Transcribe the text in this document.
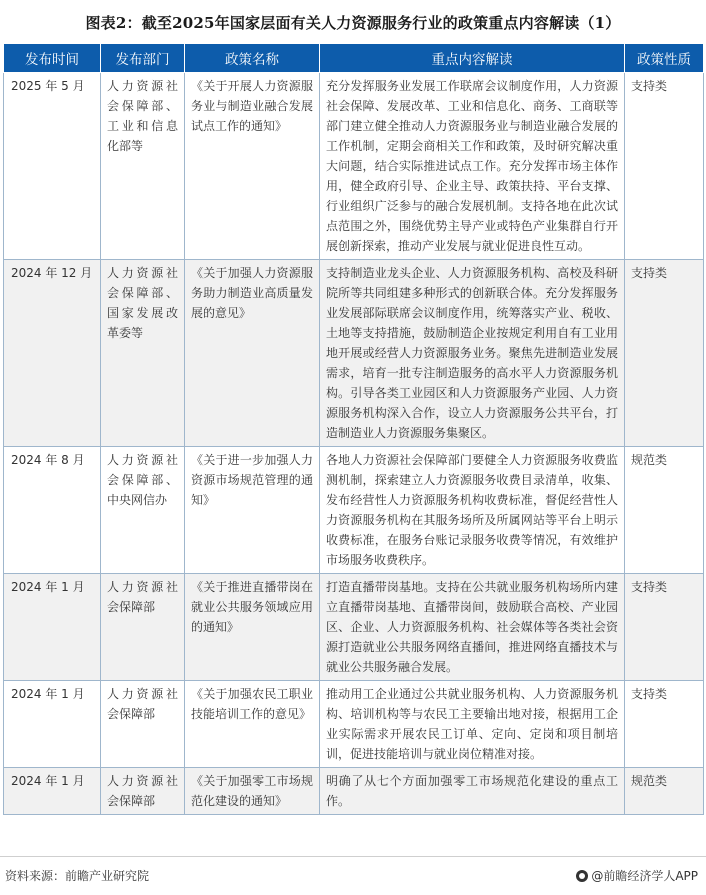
图表2：截至2025年国家层面有关人力资源服务行业的政策重点内容解读（1）
发布时间	发布部门	政策名称	重点内容解读	政策性质
2025 年 5 月	人力资源社会保障部、工业和信息化部等	《关于开展人力资源服务业与制造业融合发展试点工作的通知》	充分发挥服务业发展工作联席会议制度作用，人力资源社会保障、发展改革、工业和信息化、商务、工商联等部门建立健全推动人力资源服务业与制造业融合发展的工作机制，定期会商相关工作和政策，及时研究解决重大问题，结合实际推进试点工作。充分发挥市场主体作用，健全政府引导、企业主导、政策扶持、平台支撑、行业组织广泛参与的融合发展机制。支持各地在此次试点范围之外，围绕优势主导产业或特色产业集群自行开展创新探索，推动产业发展与就业促进良性互动。	支持类
2024 年 12 月	人力资源社会保障部、国家发展改革委等	《关于加强人力资源服务助力制造业高质量发展的意见》	支持制造业龙头企业、人力资源服务机构、高校及科研院所等共同组建多种形式的创新联合体。充分发挥服务业发展部际联席会议制度作用，统筹落实产业、税收、土地等支持措施，鼓励制造企业按规定利用自有工业用地开展或经营人力资源服务业务。聚焦先进制造业发展需求，培育一批专注制造服务的高水平人力资源服务机构。引导各类工业园区和人力资源服务产业园、人力资源服务机构深入合作，设立人力资源服务公共平台，打造制造业人力资源服务集聚区。	支持类
2024 年 8 月	人力资源社会保障部、中央网信办	《关于进一步加强人力资源市场规范管理的通知》	各地人力资源社会保障部门要健全人力资源服务收费监测机制，探索建立人力资源服务收费目录清单，收集、发布经营性人力资源服务机构收费标准，督促经营性人力资源服务机构在其服务场所及所属网站等平台上明示收费标准，在服务台账记录服务收费等情况，有效维护市场服务收费秩序。	规范类
2024 年 1 月	人力资源社会保障部	《关于推进直播带岗在就业公共服务领域应用的通知》	打造直播带岗基地。支持在公共就业服务机构场所内建立直播带岗基地、直播带岗间，鼓励联合高校、产业园区、企业、人力资源服务机构、社会媒体等各类社会资源打造就业公共服务网络直播间，推进网络直播技术与就业公共服务融合发展。	支持类
2024 年 1 月	人力资源社会保障部	《关于加强农民工职业技能培训工作的意见》	推动用工企业通过公共就业服务机构、人力资源服务机构、培训机构等与农民工主要输出地对接，根据用工企业实际需求开展农民工订单、定向、定岗和项目制培训，促进技能培训与就业岗位精准对接。	支持类
2024 年 1 月	人力资源社会保障部	《关于加强零工市场规范化建设的通知》	明确了从七个方面加强零工市场规范化建设的重点工作。	规范类
资料来源：前瞻产业研究院	@前瞻经济学人APP
